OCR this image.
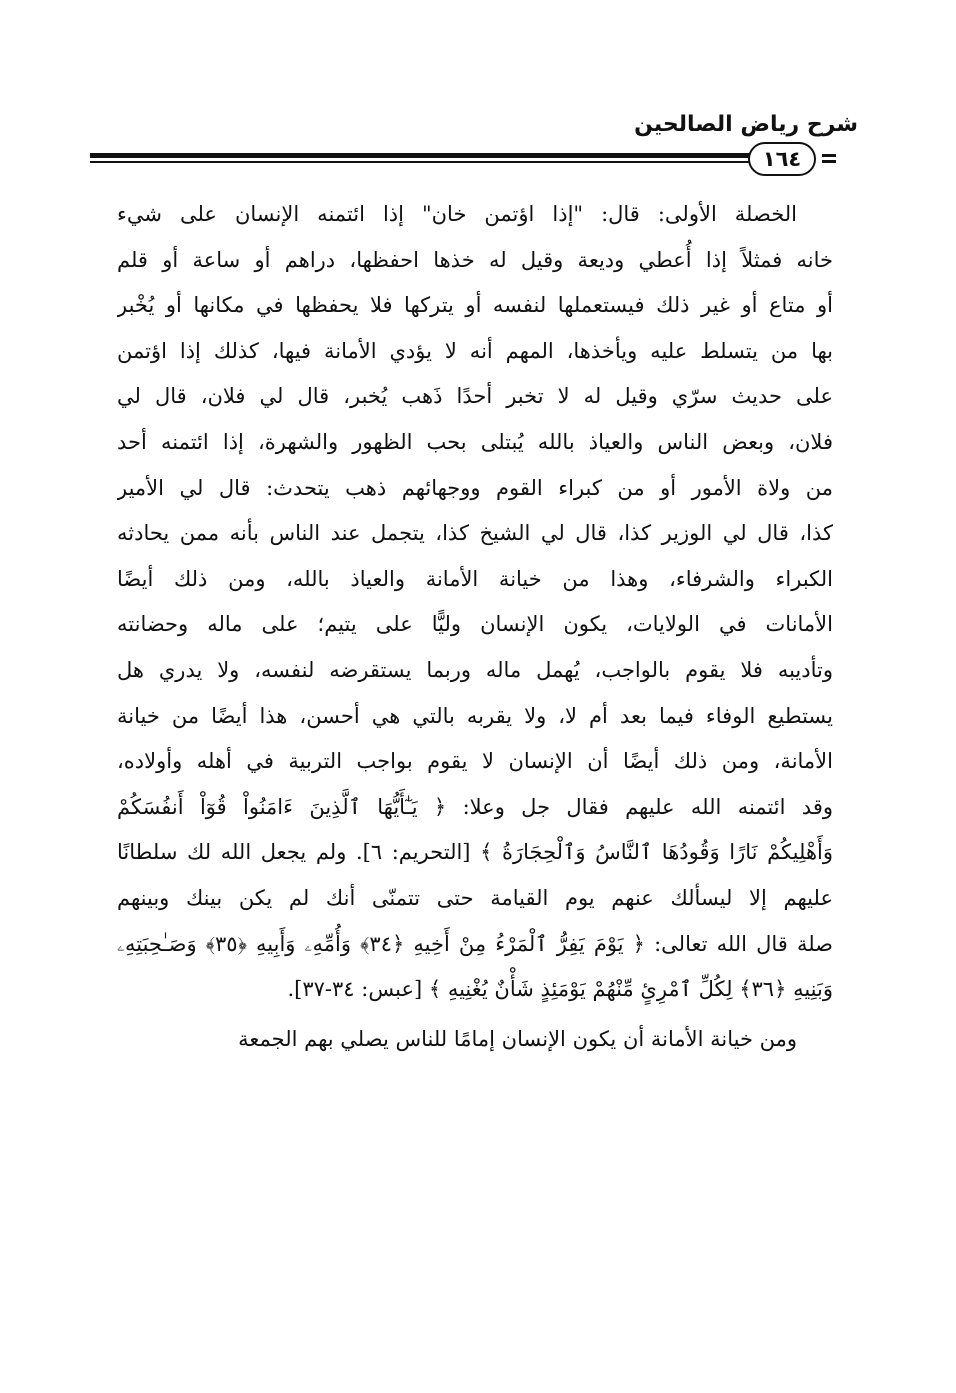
شرح رياض الصالحين
١٦٤
الخصلة الأولى: قال: "إذا اؤتمن خان" إذا ائتمنه الإنسان على شيء
خانه فمثلاً إذا أُعطي وديعة وقيل له خذها احفظها، دراهم أو ساعة أو قلم
أو متاع أو غير ذلك فيستعملها لنفسه أو يتركها فلا يحفظها في مكانها أو يُخْبر
بها من يتسلط عليه ويأخذها، المهم أنه لا يؤدي الأمانة فيها، كذلك إذا اؤتمن
على حديث سرّي وقيل له لا تخبر أحدًا ذَهب يُخبر، قال لي فلان، قال لي
فلان، وبعض الناس والعياذ بالله يُبتلى بحب الظهور والشهرة، إذا ائتمنه أحد
من ولاة الأمور أو من كبراء القوم ووجهائهم ذهب يتحدث: قال لي الأمير
كذا، قال لي الوزير كذا، قال لي الشيخ كذا، يتجمل عند الناس بأنه ممن يحادثه
الكبراء والشرفاء، وهذا من خيانة الأمانة والعياذ بالله، ومن ذلك أيضًا
الأمانات في الولايات، يكون الإنسان وليًّا على يتيم؛ على ماله وحضانته
وتأديبه فلا يقوم بالواجب، يُهمل ماله وربما يستقرضه لنفسه، ولا يدري هل
يستطيع الوفاء فيما بعد أم لا، ولا يقربه بالتي هي أحسن، هذا أيضًا من خيانة
الأمانة، ومن ذلك أيضًا أن الإنسان لا يقوم بواجب التربية في أهله وأولاده،
وقد ائتمنه الله عليهم فقال جل وعلا: ﴿ يَـٰٓأَيُّهَا ٱلَّذِينَ ءَامَنُواْ قُوٓاْ أَنفُسَكُمْ
وَأَهْلِيكُمْ نَارًا وَقُودُهَا ٱلنَّاسُ وَٱلْحِجَارَةُ ﴾ [التحريم: ٦]. ولم يجعل الله لك سلطانًا
عليهم إلا ليسألك عنهم يوم القيامة حتى تتمنّى أنك لم يكن بينك وبينهم
صلة قال الله تعالى: ﴿ يَوْمَ يَفِرُّ ٱلْمَرْءُ مِنْ أَخِيهِ ﴿٣٤﴾ وَأُمِّهِۦ وَأَبِيهِ ﴿٣٥﴾ وَصَـٰحِبَتِهِۦ
وَبَنِيهِ ﴿٣٦﴾ لِكُلِّ ٱمْرِئٍ مِّنْهُمْ يَوْمَئِذٍ شَأْنٌ يُغْنِيهِ ﴾ [عبس: ٣٤-٣٧].
ومن خيانة الأمانة أن يكون الإنسان إمامًا للناس يصلي بهم الجمعة
